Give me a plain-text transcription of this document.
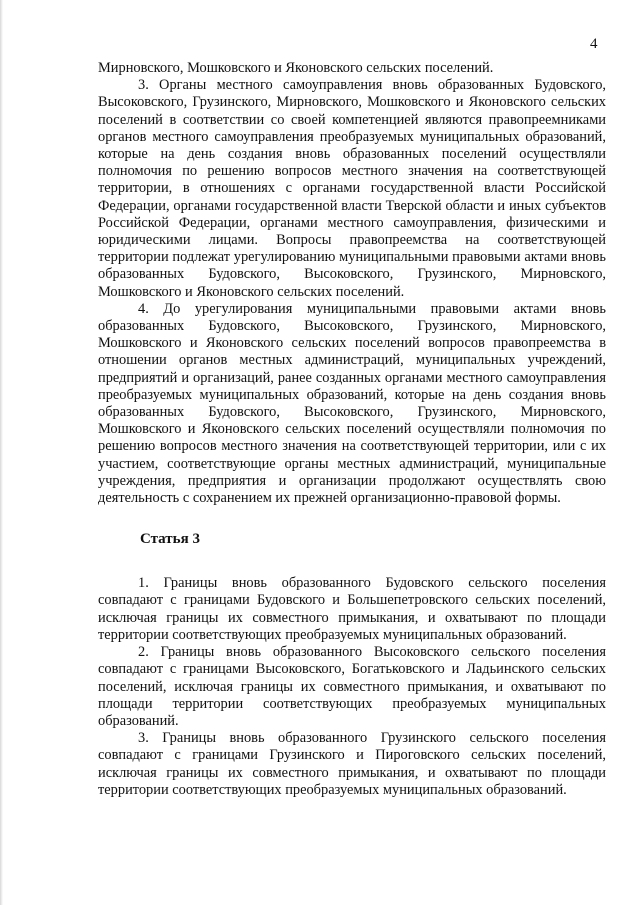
4

Мирновского, Мошковского и Яконовского сельских поселений.

3. Органы местного самоуправления вновь образованных Будовского, Высоковского, Грузинского, Мирновского, Мошковского и Яконовского сельских поселений в соответствии со своей компетенцией являются правопреемниками органов местного самоуправления преобразуемых муниципальных образований, которые на день создания вновь образованных поселений осуществляли полномочия по решению вопросов местного значения на соответствующей территории, в отношениях с органами государственной власти Российской Федерации, органами государственной власти Тверской области и иных субъектов Российской Федерации, органами местного самоуправления, физическими и юридическими лицами. Вопросы правопреемства на соответствующей территории подлежат урегулированию муниципальными правовыми актами вновь образованных Будовского, Высоковского, Грузинского, Мирновского, Мошковского и Яконовского сельских поселений.

4. До урегулирования муниципальными правовыми актами вновь образованных Будовского, Высоковского, Грузинского, Мирновского, Мошковского и Яконовского сельских поселений вопросов правопреемства в отношении органов местных администраций, муниципальных учреждений, предприятий и организаций, ранее созданных органами местного самоуправления преобразуемых муниципальных образований, которые на день создания вновь образованных Будовского, Высоковского, Грузинского, Мирновского, Мошковского и Яконовского сельских поселений осуществляли полномочия по решению вопросов местного значения на соответствующей территории, или с их участием, соответствующие органы местных администраций, муниципальные учреждения, предприятия и организации продолжают осуществлять свою деятельность с сохранением их прежней организационно-правовой формы.

Статья 3

1. Границы вновь образованного Будовского сельского поселения совпадают с границами Будовского и Большепетровского сельских поселений, исключая границы их совместного примыкания, и охватывают по площади территории соответствующих преобразуемых муниципальных образований.

2. Границы вновь образованного Высоковского сельского поселения совпадают с границами Высоковского, Богатьковского и Ладьинского сельских поселений, исключая границы их совместного примыкания, и охватывают по площади территории соответствующих преобразуемых муниципальных образований.

3. Границы вновь образованного Грузинского сельского поселения совпадают с границами Грузинского и Пироговского сельских поселений, исключая границы их совместного примыкания, и охватывают по площади территории соответствующих преобразуемых муниципальных образований.
